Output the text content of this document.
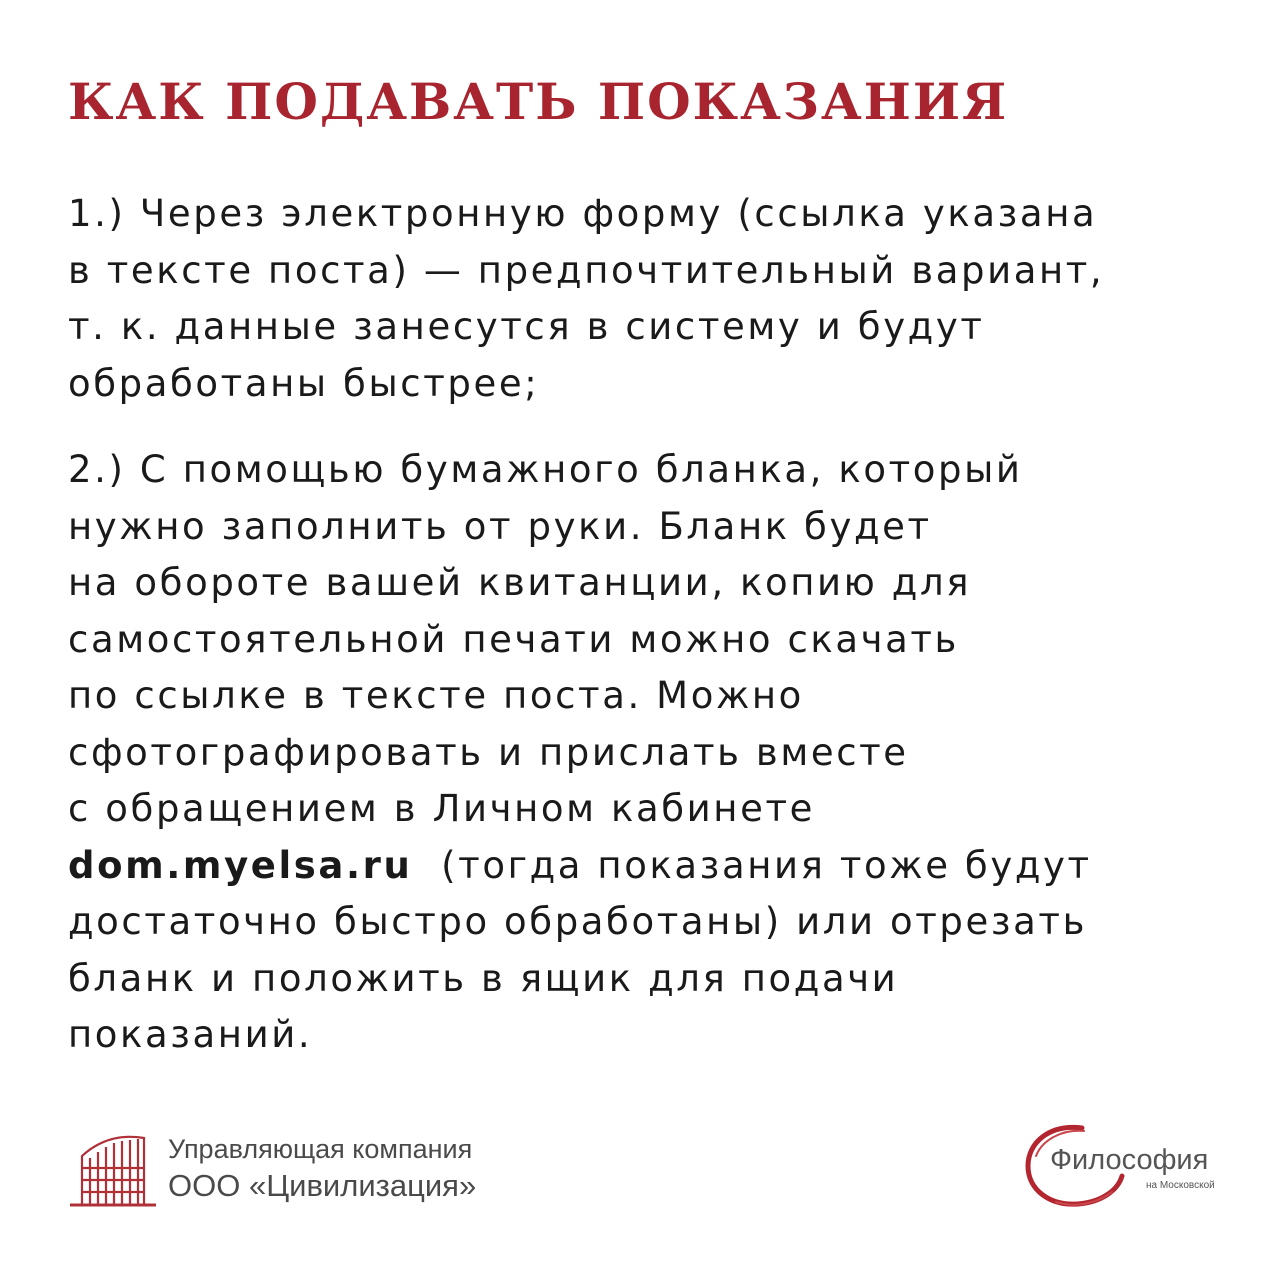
КАК ПОДАВАТЬ ПОКАЗАНИЯ

1.) Через электронную форму (ссылка указана
в тексте поста) — предпочтительный вариант,
т. к. данные занесутся в систему и будут
обработаны быстрее;

2.) С помощью бумажного бланка, который
нужно заполнить от руки. Бланк будет
на обороте вашей квитанции, копию для
самостоятельной печати можно скачать
по ссылке в тексте поста. Можно
сфотографировать и прислать вместе
с обращением в Личном кабинете
dom.myelsa.ru (тогда показания тоже будут
достаточно быстро обработаны) или отрезать
бланк и положить в ящик для подачи
показаний.

Управляющая компания
ООО «Цивилизация»
Философия
на Московской
